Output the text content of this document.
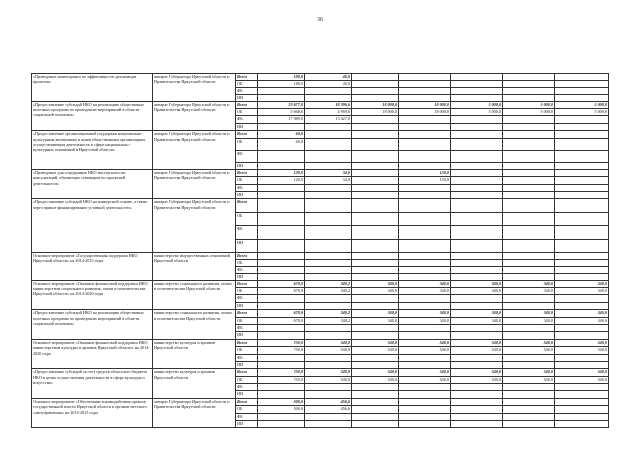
36
«Проведение мониторинга по эффективности реализации проектов»	аппарат Губернатора Иркутской области и Правительства Иркутской области	Всего	180,0	40,0					
		ОБ	180,0	40,0					
		ФБ							
		ИИ							
«Предоставление субсидий НКО на реализацию общественно полезных программ по проведению мероприятий в области социальной политики»	аппарат Губернатора Иркутской области и Правительства Иркутской области	Всего	23 677,0	18 396,6	18 000,0	18 000,0	5 000,0	5 000,0	5 000,0
		ОБ	5 668,0	4 969,6	18 000,0	18 000,0	5 000,0	5 000,0	5 000,0
		ФБ	17 989,0	13 427,0					
		ИИ							
«Предоставление организационной поддержки национально-культурным автономиям и иным общественным организациям, осуществляющим деятельность в сфере национально - культурных отношений в Иркутской области»	аппарат Губернатора Иркутской области и Правительства Иркутской области	Всего	60,0						
		ОБ	60,0						
		ФБ							
		ИИ							
«Проведение для сотрудников НКО мастер-классов, консультаций, обучающих семинаров по проектной деятельности»	аппарат Губернатора Иркутской области и Правительства Иркутской области	Всего	120,0	34,0		150,0			
		ОБ	120,0	34,0		150,0			
		ФБ							
		ИИ							
«Предоставление субсидий НКО на конкурсной основе, а также через прямое финансирование уставной деятельности»	аппарат Губернатора Иркутской области и Правительства Иркутской области	Всего							
		ОБ							
		ФБ							
		ИИ							
Основное мероприятие «Государственная поддержка НКО Иркутской области» на 2014-2015 годы	министерство имущественных отношений Иркутской области	Всего							
		ОБ							
		ФБ							
		ИИ							
Основное мероприятие «Оказание финансовой поддержки НКО министерством социального развития, опеки и попечительства Иркутской области» на 2014-2020 годы	министерство социального развития, опеки и попечительства Иркутской области	Всего	678,0	340,2	340,0	340,0	340,0	340,0	340,0
		ОБ	678,0	340,2	340,0	340,0	340,0	340,0	340,0
		ФБ							
		ИИ							
«Предоставление субсидий НКО на реализацию общественно полезных программ по проведению мероприятий в области социальной политики»	министерство социального развития, опеки и попечительства Иркутской области	Всего	678,0	340,2	340,0	340,0	340,0	340,0	340,0
		ОБ	678,0	340,2	340,0	340,0	340,0	340,0	340,0
		ФБ							
		ИИ							
Основное мероприятие «Оказание финансовой поддержки НКО министерством культуры и архивов Иркутской области» на 2014-2020 годы	министерство культуры и архивов Иркутской области	Всего	750,0	540,0	540,0	540,0	540,0	540,0	540,0
		ОБ	750,0	540,0	540,0	540,0	540,0	540,0	540,0
		ФБ							
		ИИ							
«Предоставление субсидий за счет средств областного бюджета НКО в целях осуществления деятельности в сфере культуры и искусства»	министерство культуры и архивов Иркутской области	Всего	750,0	540,0	540,0	540,0	540,0	540,0	540,0
		ОБ	750,0	540,0	540,0	540,0	540,0	540,0	540,0
		ФБ							
		ИИ							
Основное мероприятие «Обеспечение взаимодействия органов государственной власти Иркутской области и органов местного самоуправления» на 2014-2015 годы	аппарат Губернатора Иркутской области и Правительства Иркутской области	Всего	500,0	456,6					
		ОБ	500,0	456,6					
		ФБ							
		ИИ							
